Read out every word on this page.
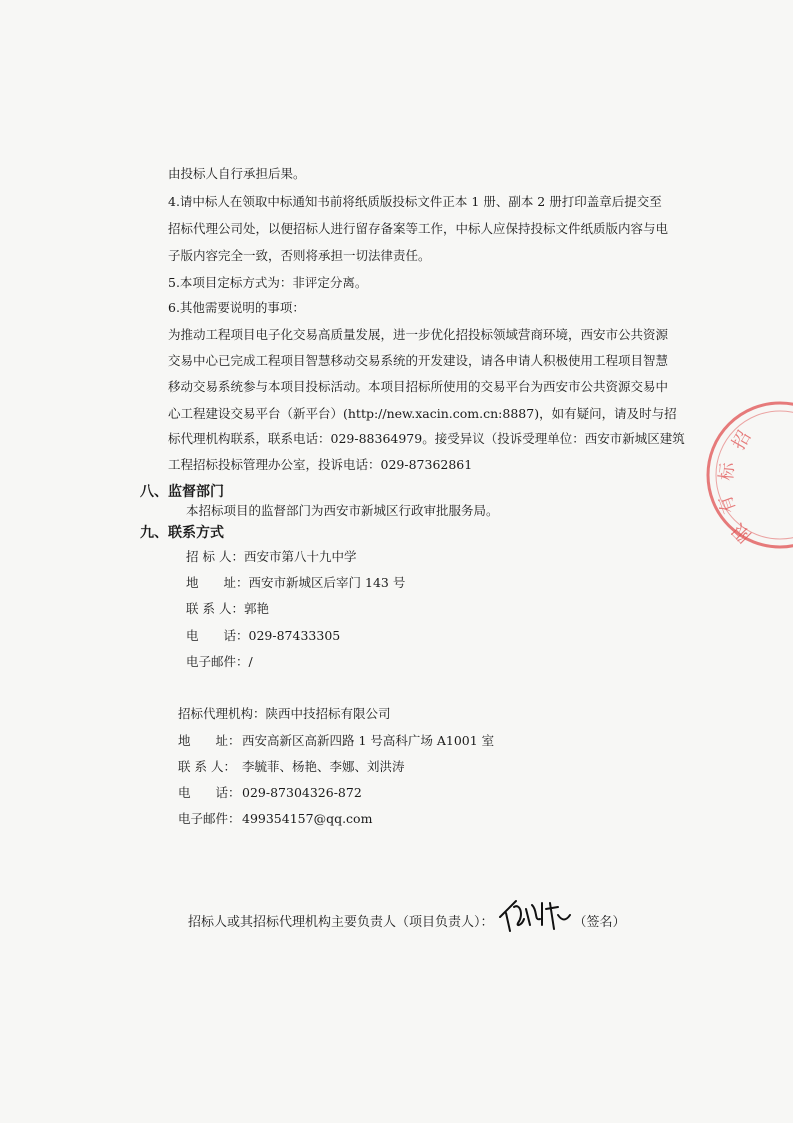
由投标人自行承担后果。
4.请中标人在领取中标通知书前将纸质版投标文件正本 1 册、副本 2 册打印盖章后提交至
招标代理公司处，以便招标人进行留存备案等工作，中标人应保持投标文件纸质版内容与电
子版内容完全一致，否则将承担一切法律责任。
5.本项目定标方式为：非评定分离。
6.其他需要说明的事项：
为推动工程项目电子化交易高质量发展，进一步优化招投标领域营商环境，西安市公共资源
交易中心已完成工程项目智慧移动交易系统的开发建设，请各申请人积极使用工程项目智慧
移动交易系统参与本项目投标活动。本项目招标所使用的交易平台为西安市公共资源交易中
心工程建设交易平台（新平台）(http://new.xacin.com.cn:8887)，如有疑问，请及时与招
标代理机构联系，联系电话：029-88364979。接受异议（投诉受理单位：西安市新城区建筑
工程招标投标管理办公室，投诉电话：029-87362861
八、监督部门
本招标项目的监督部门为西安市新城区行政审批服务局。
九、联系方式
招 标 人：西安市第八十九中学
地　　址：西安市新城区后宰门 143 号
联 系 人：郭艳
电　　话：029-87433305
电子邮件：/
招标代理机构：陕西中技招标有限公司
地　　址：西安高新区高新四路 1 号高科广场 A1001 室
联 系 人： 李毓菲、杨艳、李娜、刘洪涛
电　　话：029-87304326-872
电子邮件：499354157@qq.com
招标人或其招标代理机构主要负责人（项目负责人）：	（签名）
招
标
有
限
